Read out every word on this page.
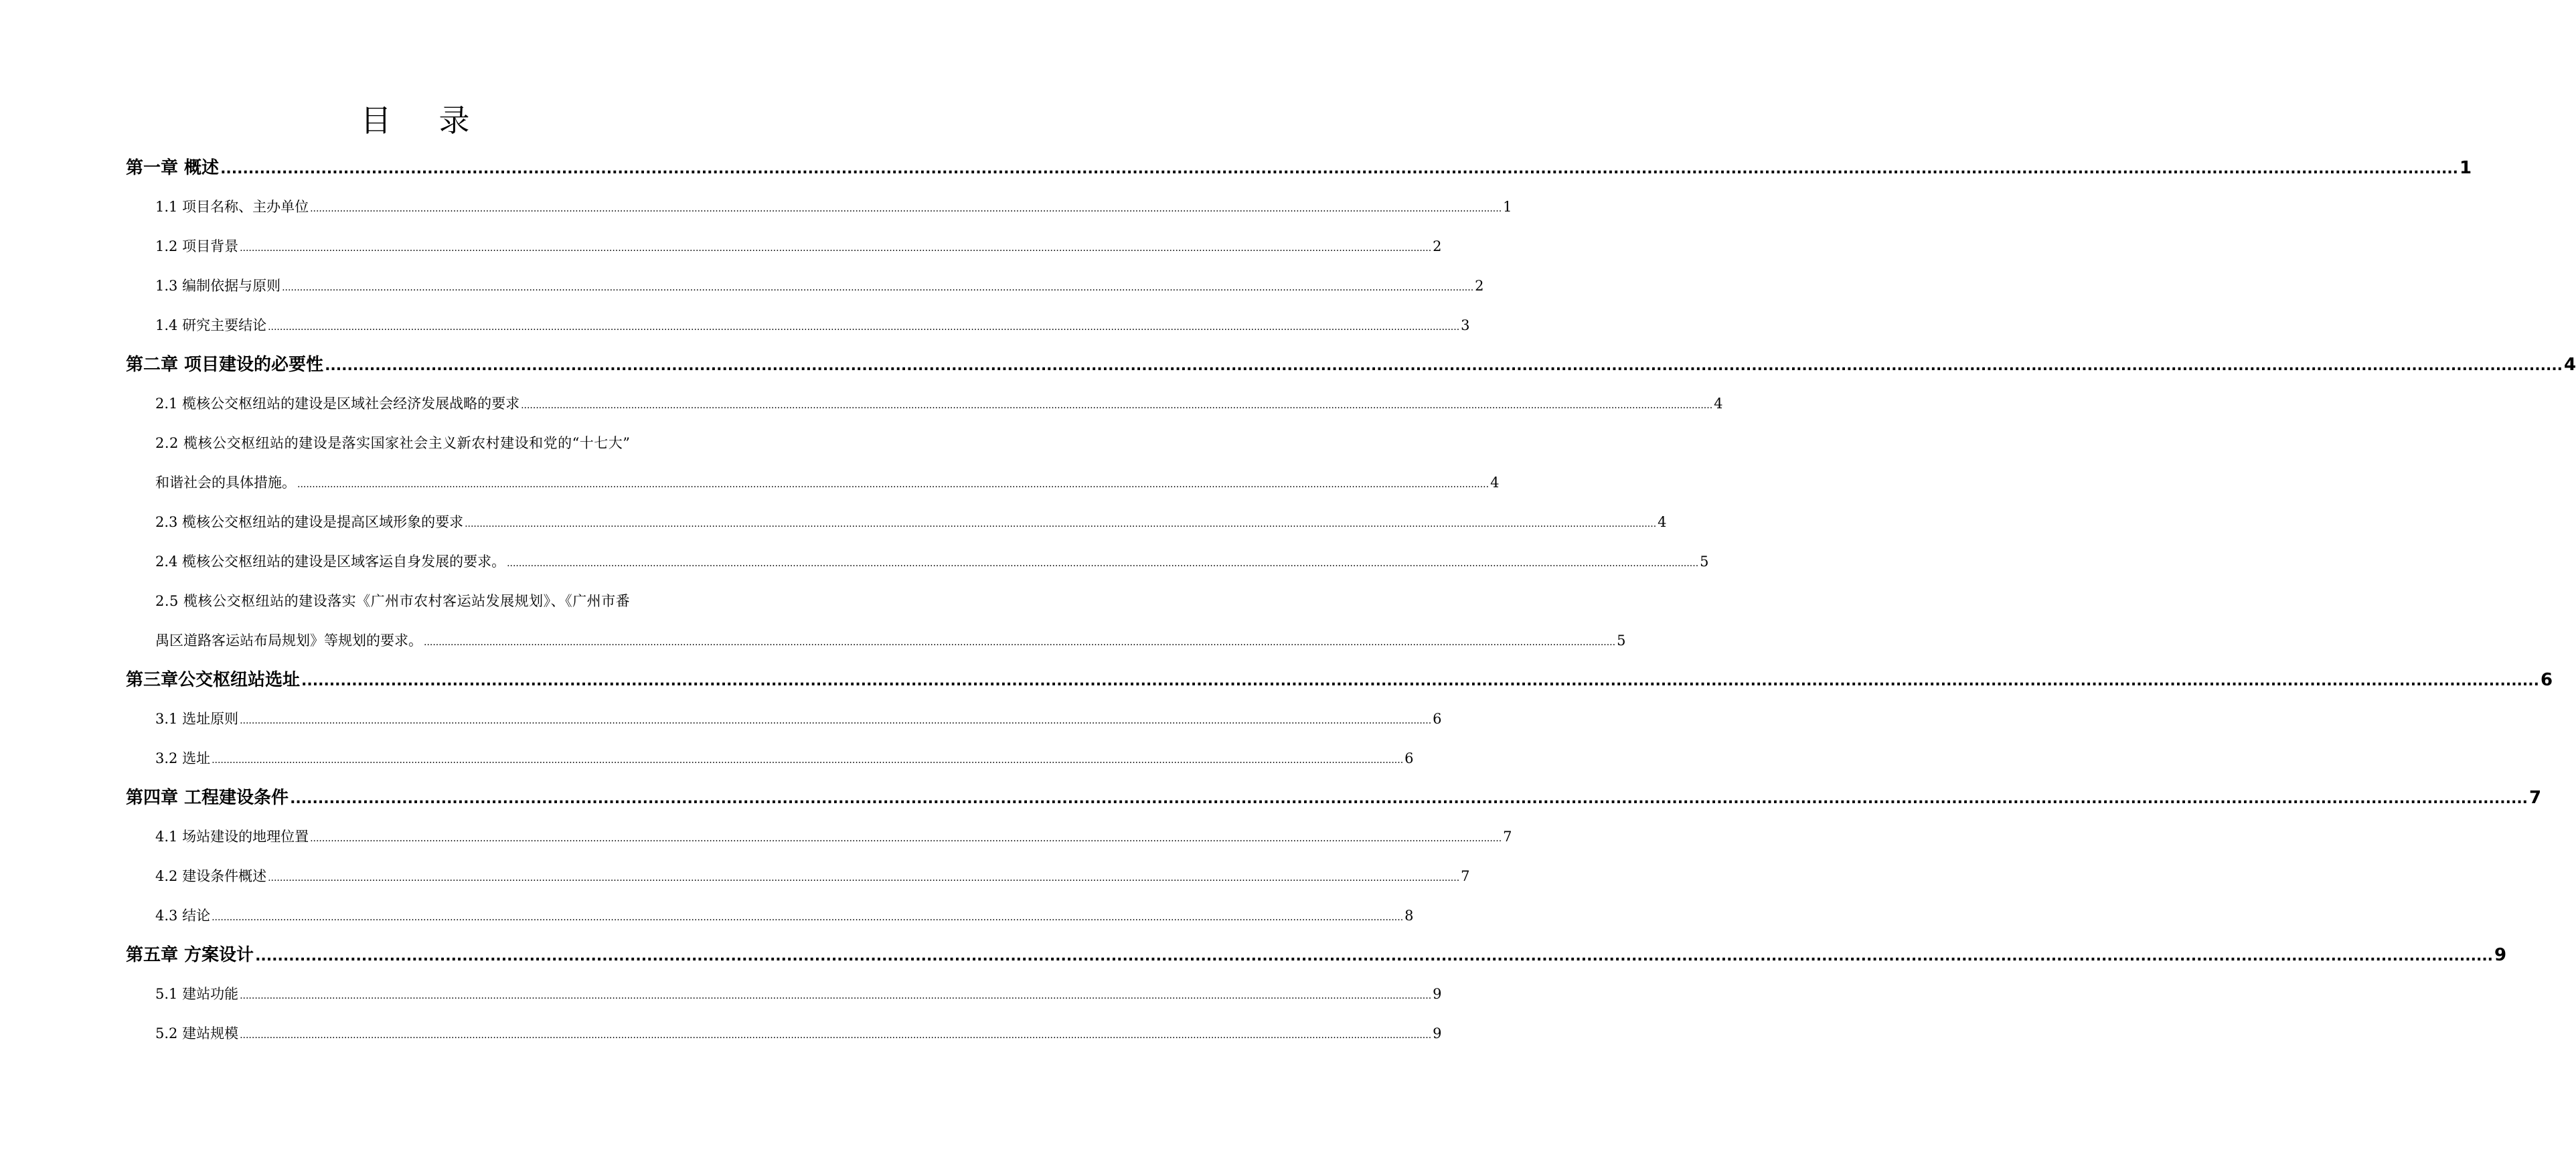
目 录
第一章 概述 ................................................................................................................................................................................................................................................................................................................................................................................................................ 1
1.1 项目名称、主办单位 ................................................................................................................................................................................................................................................................................................................................................................................................................ 1
1.2 项目背景 ................................................................................................................................................................................................................................................................................................................................................................................................................ 2
1.3 编制依据与原则 ................................................................................................................................................................................................................................................................................................................................................................................................................ 2
1.4 研究主要结论 ................................................................................................................................................................................................................................................................................................................................................................................................................ 3
第二章 项目建设的必要性 ................................................................................................................................................................................................................................................................................................................................................................................................................ 4
2.1 榄核公交枢纽站的建设是区域社会经济发展战略的要求 ................................................................................................................................................................................................................................................................................................................................................................................................................ 4
2.2 榄核公交枢纽站的建设是落实国家社会主义新农村建设和党的“十七大”
和谐社会的具体措施。 ................................................................................................................................................................................................................................................................................................................................................................................................................ 4
2.3 榄核公交枢纽站的建设是提高区域形象的要求 ................................................................................................................................................................................................................................................................................................................................................................................................................ 4
2.4 榄核公交枢纽站的建设是区域客运自身发展的要求。 ................................................................................................................................................................................................................................................................................................................................................................................................................ 5
2.5 榄核公交枢纽站的建设落实《广州市农村客运站发展规划》、《广州市番
禺区道路客运站布局规划》等规划的要求。 ................................................................................................................................................................................................................................................................................................................................................................................................................ 5
第三章公交枢纽站选址 ................................................................................................................................................................................................................................................................................................................................................................................................................ 6
3.1 选址原则 ................................................................................................................................................................................................................................................................................................................................................................................................................ 6
3.2 选址 ................................................................................................................................................................................................................................................................................................................................................................................................................ 6
第四章 工程建设条件 ................................................................................................................................................................................................................................................................................................................................................................................................................ 7
4.1 场站建设的地理位置 ................................................................................................................................................................................................................................................................................................................................................................................................................ 7
4.2 建设条件概述 ................................................................................................................................................................................................................................................................................................................................................................................................................ 7
4.3 结论 ................................................................................................................................................................................................................................................................................................................................................................................................................ 8
第五章 方案设计 ................................................................................................................................................................................................................................................................................................................................................................................................................ 9
5.1 建站功能 ................................................................................................................................................................................................................................................................................................................................................................................................................ 9
5.2 建站规模 ................................................................................................................................................................................................................................................................................................................................................................................................................ 9
